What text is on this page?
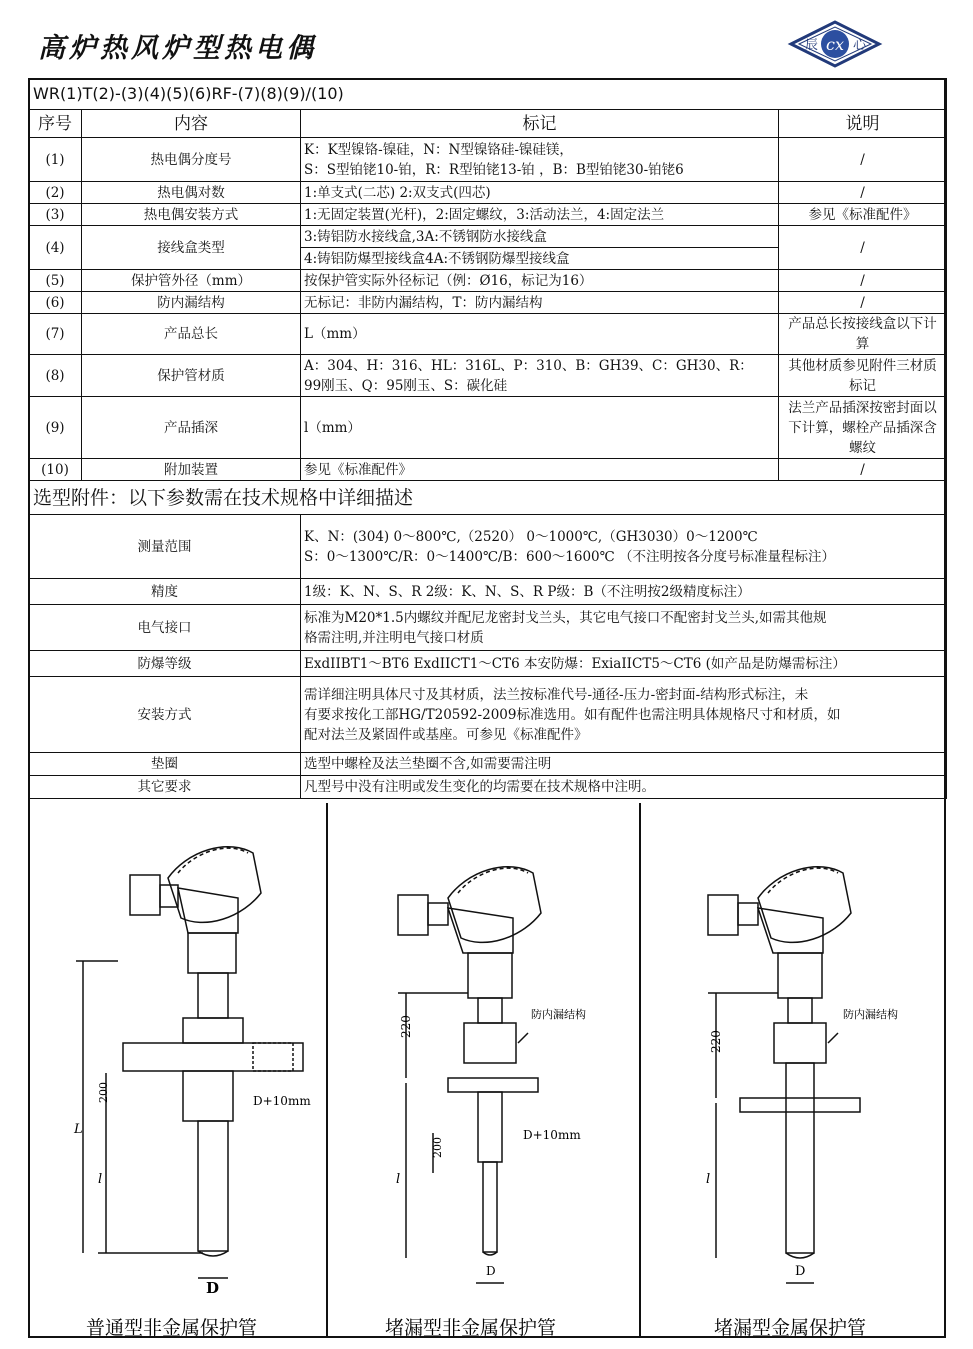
高炉热风炉型热电偶	辰 cx 心
WR(1)T(2)-(3)(4)(5)(6)RF-(7)(8)(9)/(10)			
序号	内容	标记	说明
(1)	热电偶分度号	K：K型镍铬-镍硅，N：N型镍铬硅-镍硅镁，
S：S型铂铑10-铂，R：R型铂铑13-铂 ，B：B型铂铑30-铂铑6	/
(2)	热电偶对数	1:单支式(二芯) 2:双支式(四芯)	/
(3)	热电偶安装方式	1:无固定装置(光杆)，2:固定螺纹，3:活动法兰，4:固定法兰	参见《标准配件》
(4)	接线盒类型	3:铸铝防水接线盒,3A:不锈钢防水接线盒	/
		4:铸铝防爆型接线盒4A:不锈钢防爆型接线盒	
(5)	保护管外径（mm）	按保护管实际外径标记（例：Ø16，标记为16）	/
(6)	防内漏结构	无标记：非防内漏结构，T：防内漏结构	/
(7)	产品总长	L（mm）	产品总长按接线盒以下计算
(8)	保护管材质	A：304、H：316、HL：316L、P：310、B：GH39、C：GH30、R：
99刚玉、Q：95刚玉、S：碳化硅	其他材质参见附件三材质标记
(9)	产品插深	l（mm）	法兰产品插深按密封面以下计算，螺栓产品插深含螺纹
(10)	附加装置	参见《标准配件》	/
选型附件：以下参数需在技术规格中详细描述			
测量范围		K、N：(304) 0～800℃,（2520） 0～1000℃,（GH3030）0～1200℃
S：0～1300℃/R：0～1400℃/B：600～1600℃ （不注明按各分度号标准量程标注）	

精度		1级：K、N、S、R 2级：K、N、S、R P级：B（不注明按2级精度标注）	
电气接口		标准为M20*1.5内螺纹并配尼龙密封戈兰头，其它电气接口不配密封戈兰头,如需其他规
格需注明,并注明电气接口材质	

防爆等级		ExdIIBT1～BT6 ExdIICT1～CT6 本安防爆：ExiaIICT5～CT6 (如产品是防爆需标注）	
安装方式		需详细注明具体尺寸及其材质，法兰按标准代号-通径-压力-密封面-结构形式标注，未
有要求按化工部HG/T20592-2009标准选用。如有配件也需注明具体规格尺寸和材质，如
配对法兰及紧固件或基座。可参见《标准配件》	

垫圈		选型中螺栓及法兰垫圈不含,如需要需注明	
其它要求		凡型号中没有注明或发生变化的均需要在技术规格中注明。	
200	D+10mm
L
l
D
普通型非金属保护管
220
200
l
D+10mm
D
防内漏结构
堵漏型非金属保护管
220
l
D
防内漏结构
堵漏型金属保护管
